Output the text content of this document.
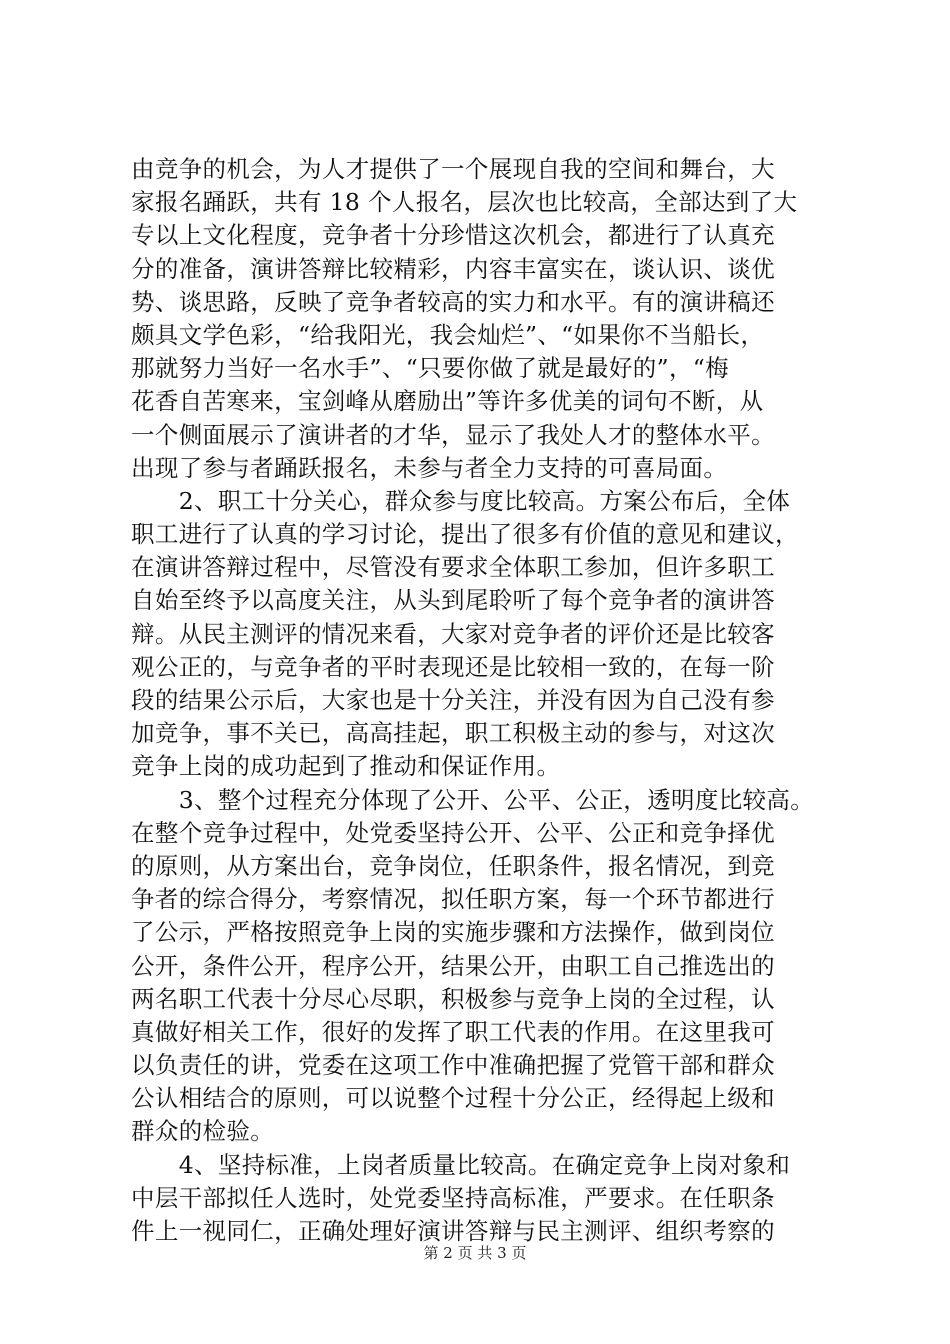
由竞争的机会，为人才提供了一个展现自我的空间和舞台，大
家报名踊跃，共有 18 个人报名，层次也比较高，全部达到了大
专以上文化程度，竞争者十分珍惜这次机会，都进行了认真充
分的准备，演讲答辩比较精彩，内容丰富实在，谈认识、谈优
势、谈思路，反映了竞争者较高的实力和水平。有的演讲稿还
颇具文学色彩，“给我阳光，我会灿烂”、“如果你不当船长，
那就努力当好一名水手”、“只要你做了就是最好的”，“梅
花香自苦寒来，宝剑峰从磨励出”等许多优美的词句不断，从
一个侧面展示了演讲者的才华，显示了我处人才的整体水平。
出现了参与者踊跃报名，未参与者全力支持的可喜局面。
　　2、职工十分关心，群众参与度比较高。方案公布后，全体
职工进行了认真的学习讨论，提出了很多有价值的意见和建议，
在演讲答辩过程中，尽管没有要求全体职工参加，但许多职工
自始至终予以高度关注，从头到尾聆听了每个竞争者的演讲答
辩。从民主测评的情况来看，大家对竞争者的评价还是比较客
观公正的，与竞争者的平时表现还是比较相一致的，在每一阶
段的结果公示后，大家也是十分关注，并没有因为自己没有参
加竞争，事不关已，高高挂起，职工积极主动的参与，对这次
竞争上岗的成功起到了推动和保证作用。
　　3、整个过程充分体现了公开、公平、公正，透明度比较高。
在整个竞争过程中，处党委坚持公开、公平、公正和竞争择优
的原则，从方案出台，竞争岗位，任职条件，报名情况，到竞
争者的综合得分，考察情况，拟任职方案，每一个环节都进行
了公示，严格按照竞争上岗的实施步骤和方法操作，做到岗位
公开，条件公开，程序公开，结果公开，由职工自己推选出的
两名职工代表十分尽心尽职，积极参与竞争上岗的全过程，认
真做好相关工作，很好的发挥了职工代表的作用。在这里我可
以负责任的讲，党委在这项工作中准确把握了党管干部和群众
公认相结合的原则，可以说整个过程十分公正，经得起上级和
群众的检验。
　　4、坚持标准，上岗者质量比较高。在确定竞争上岗对象和
中层干部拟任人选时，处党委坚持高标准，严要求。在任职条
件上一视同仁，正确处理好演讲答辩与民主测评、组织考察的
第 2 页 共 3 页
